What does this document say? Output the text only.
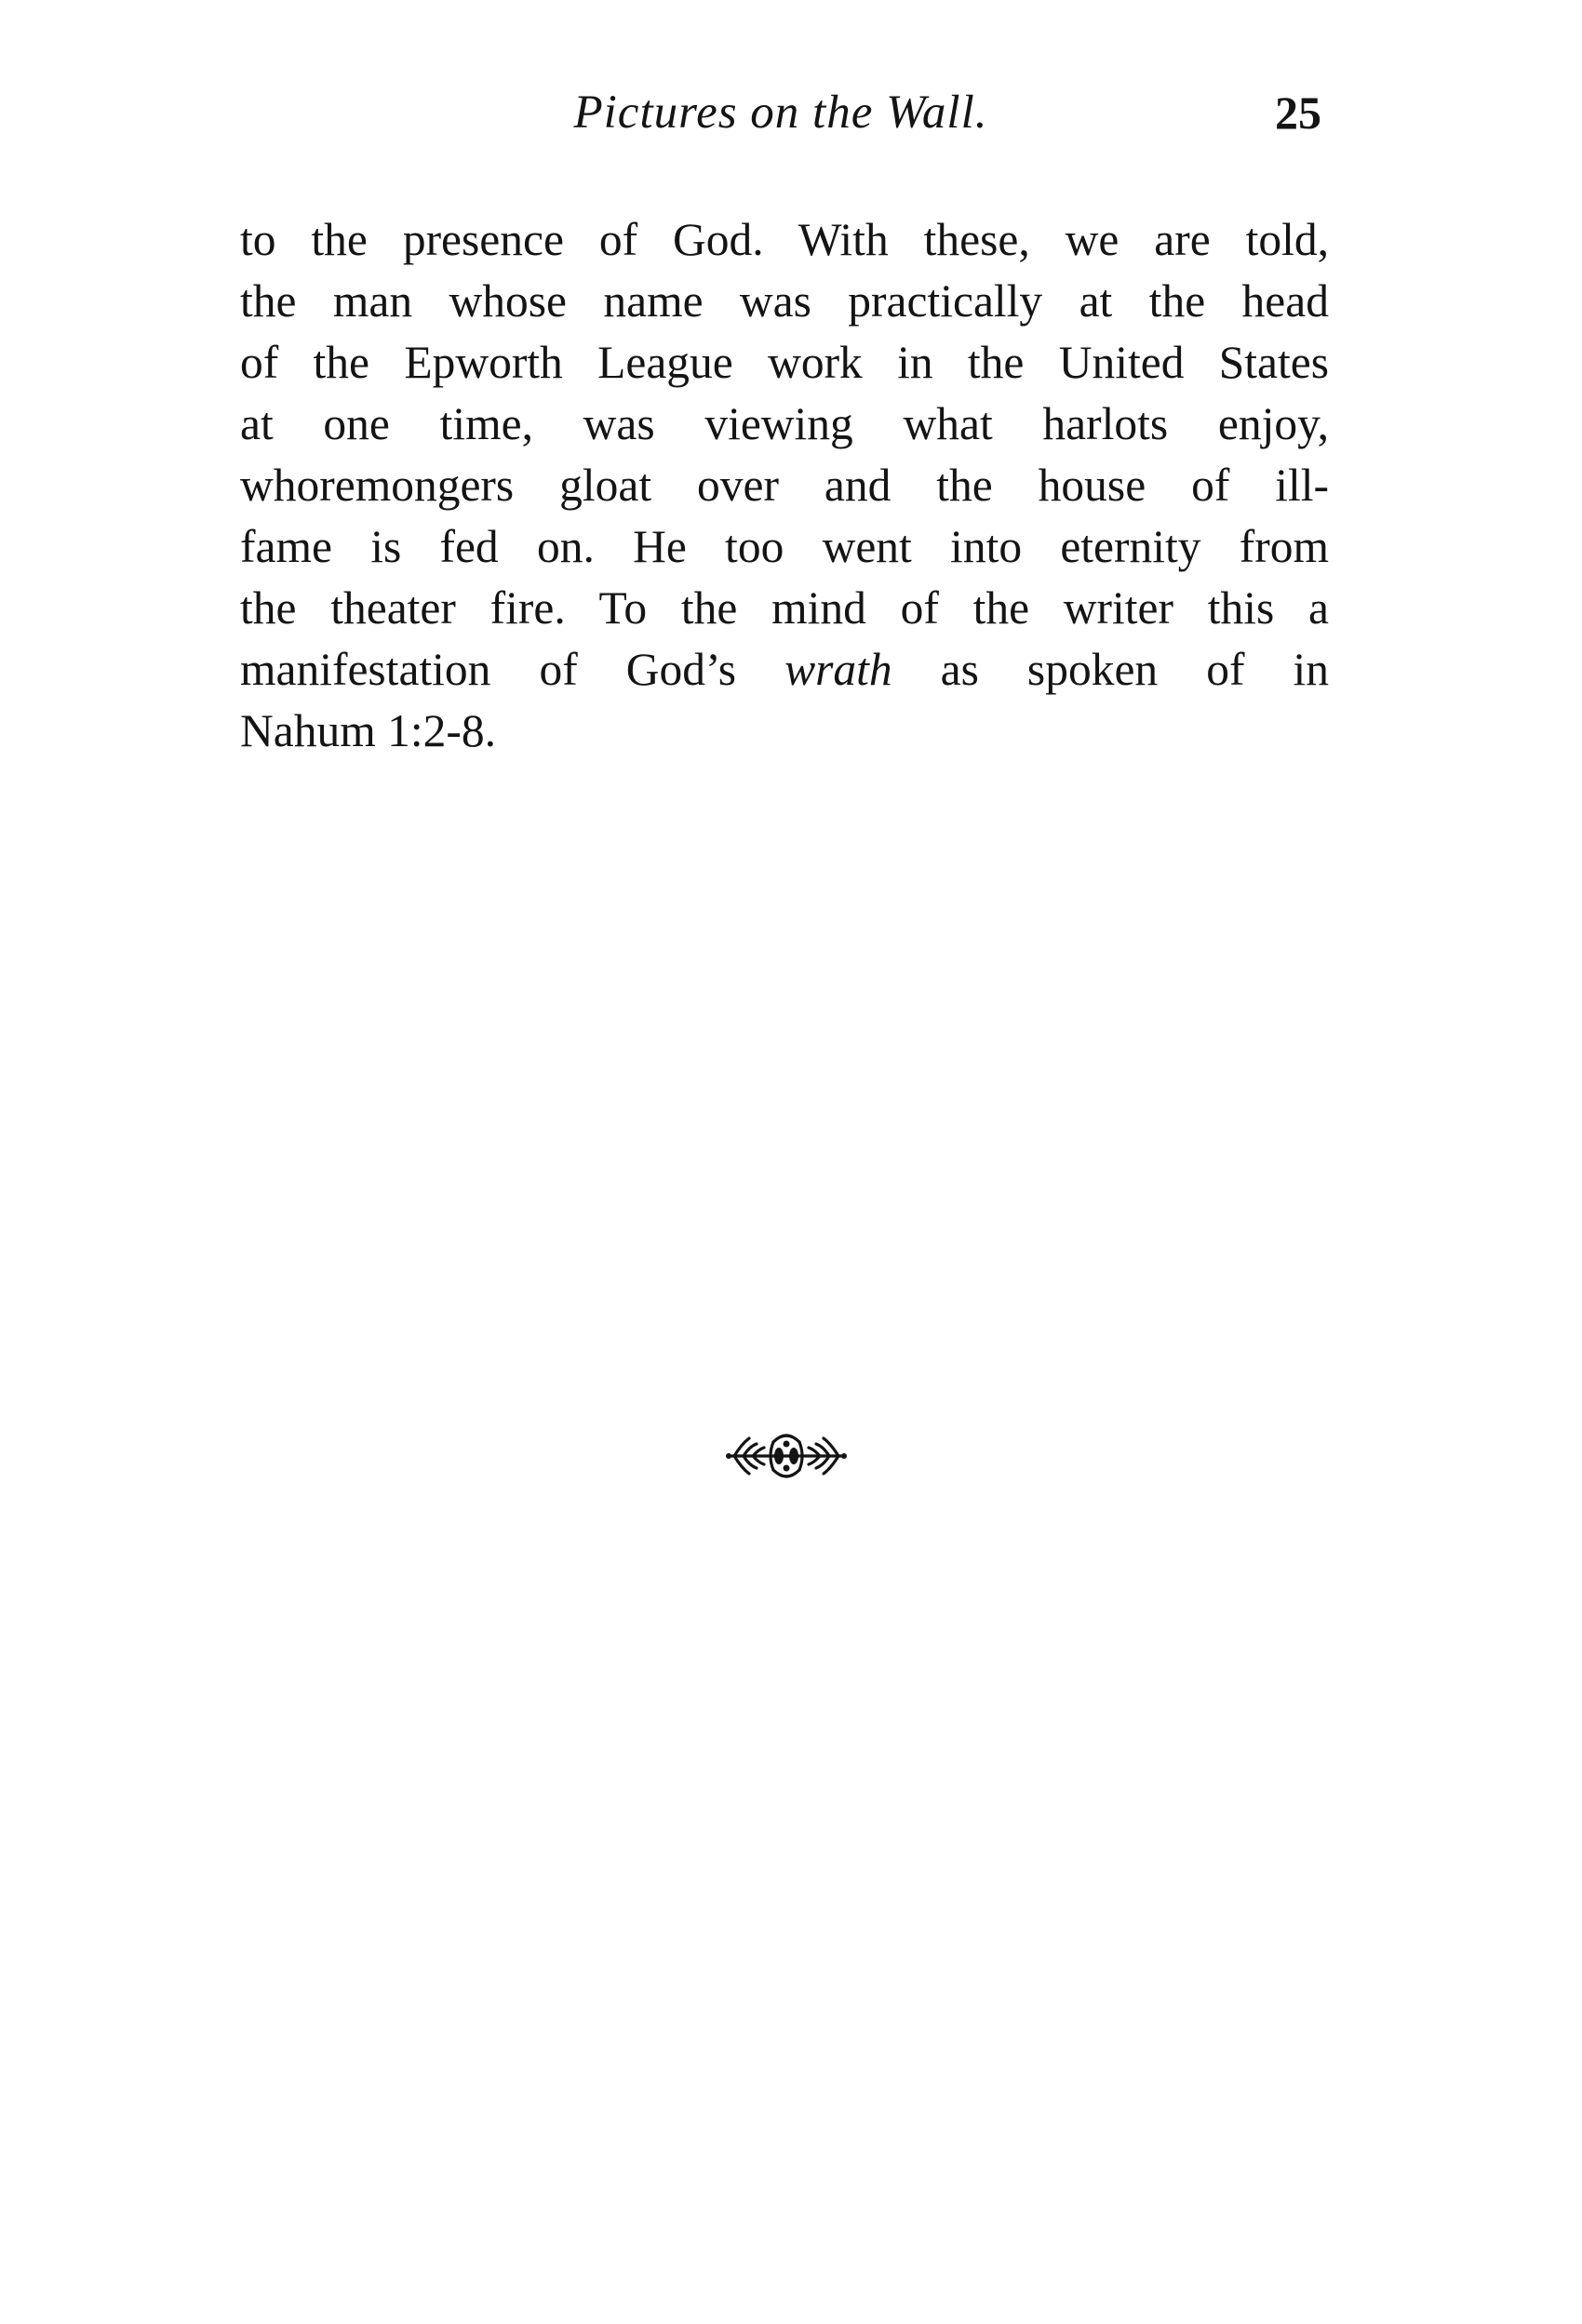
Pictures on the Wall.	25
to the presence of God. With these, we are told,
the man whose name was practically at the head
of the Epworth League work in the United States
at one time, was viewing what harlots enjoy,
whoremongers gloat over and the house of ill-
fame is fed on. He too went into eternity from
the theater fire. To the mind of the writer this a
manifestation of God’s wrath as spoken of in
Nahum 1:2-8.
